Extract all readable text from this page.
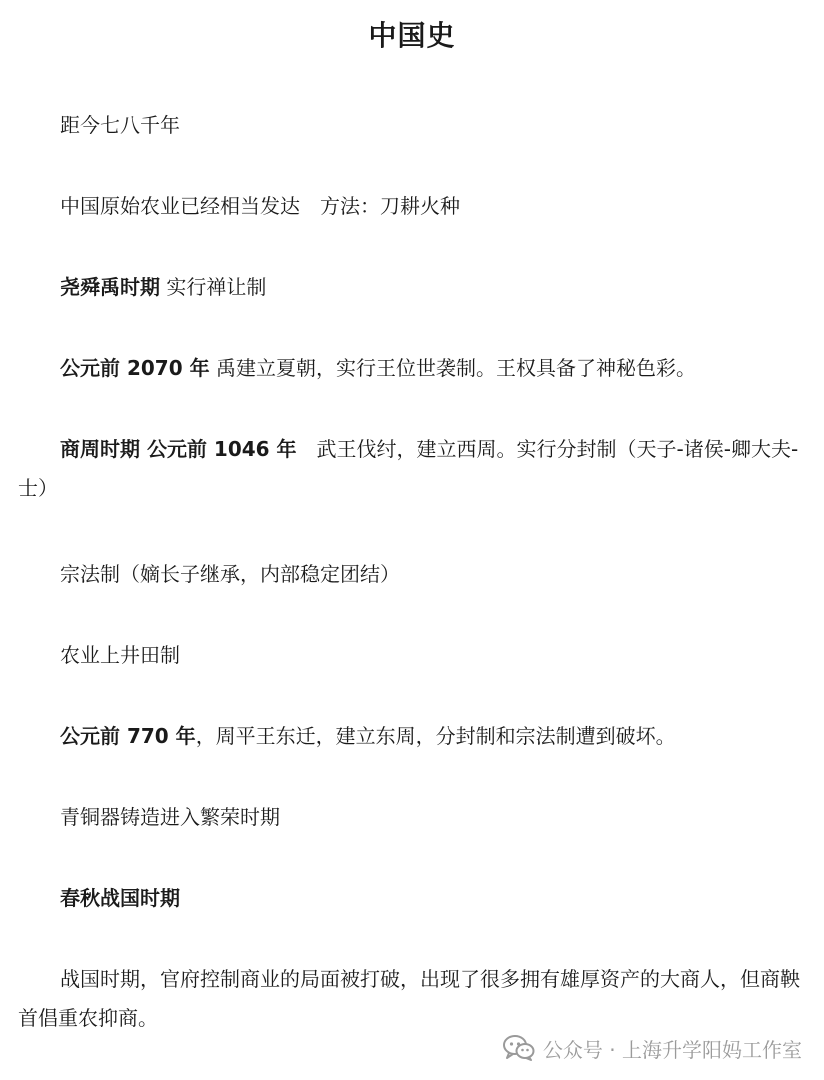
中国史
距今七八千年
中国原始农业已经相当发达　方法：刀耕火种
尧舜禹时期 实行禅让制
公元前 2070 年 禹建立夏朝，实行王位世袭制。王权具备了神秘色彩。
商周时期 公元前 1046 年　武王伐纣，建立西周。实行分封制（天子-诸侯-卿大夫-士）
宗法制（嫡长子继承，内部稳定团结）
农业上井田制
公元前 770 年，周平王东迁，建立东周，分封制和宗法制遭到破坏。
青铜器铸造进入繁荣时期
春秋战国时期
战国时期，官府控制商业的局面被打破，出现了很多拥有雄厚资产的大商人，但商鞅首倡重农抑商。
公众号 · 上海升学阳妈工作室
